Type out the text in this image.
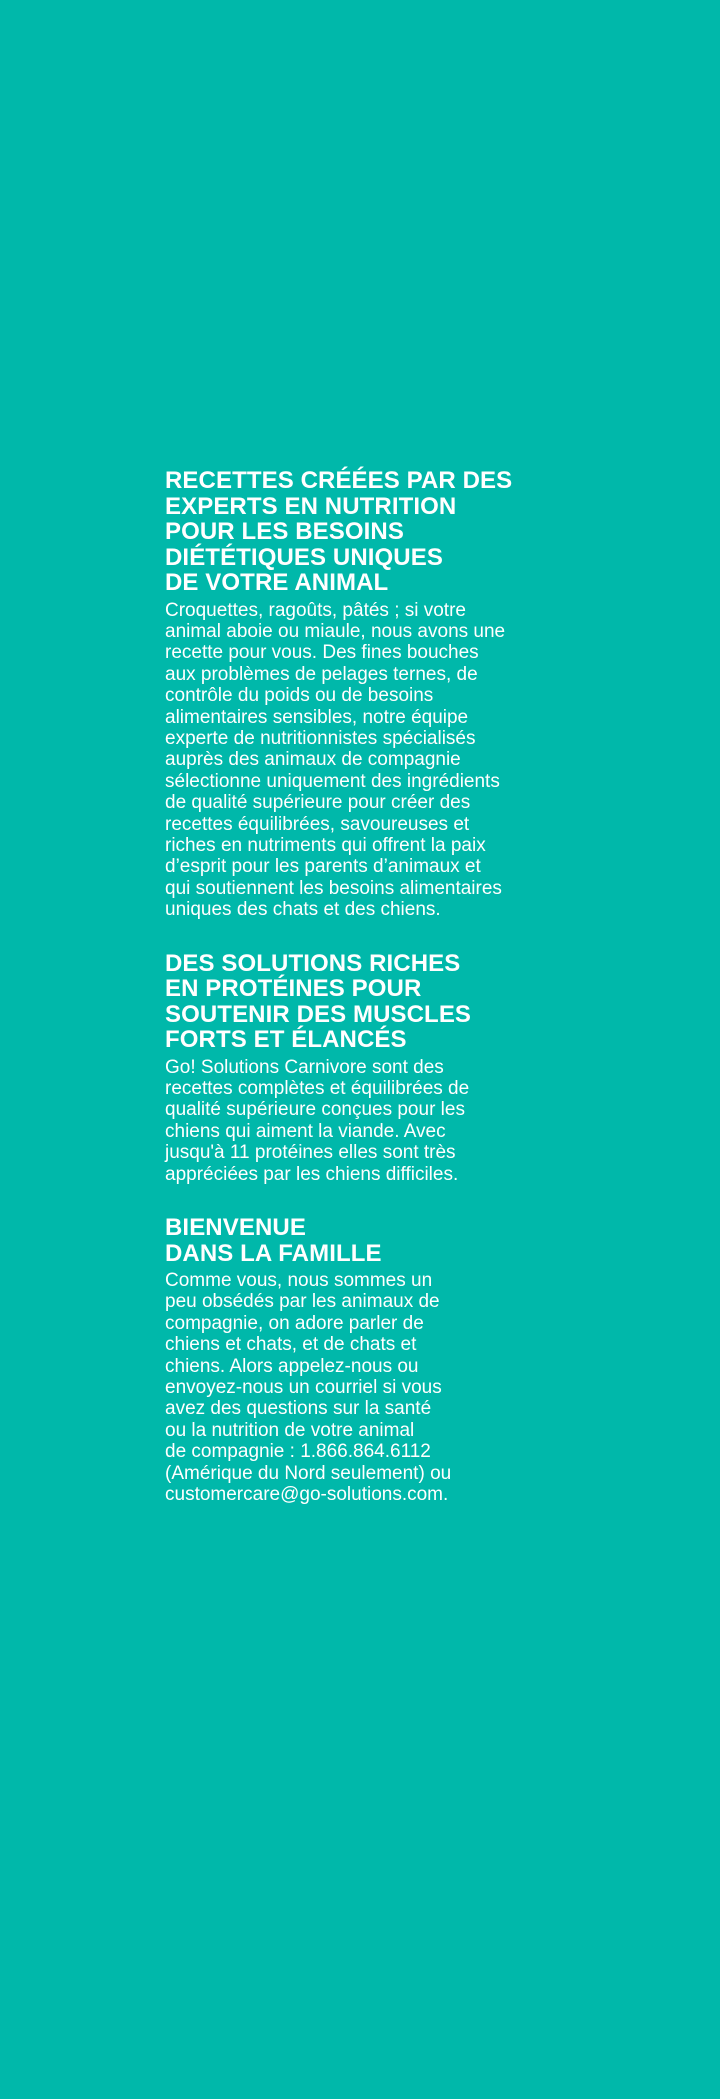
RECETTES CRÉÉES PAR DES
EXPERTS EN NUTRITION
POUR LES BESOINS
DIÉTÉTIQUES UNIQUES
DE VOTRE ANIMAL

Croquettes, ragoûts, pâtés ; si votre
animal aboie ou miaule, nous avons une
recette pour vous. Des fines bouches
aux problèmes de pelages ternes, de
contrôle du poids ou de besoins
alimentaires sensibles, notre équipe
experte de nutritionnistes spécialisés
auprès des animaux de compagnie
sélectionne uniquement des ingrédients
de qualité supérieure pour créer des
recettes équilibrées, savoureuses et
riches en nutriments qui offrent la paix
d’esprit pour les parents d’animaux et
qui soutiennent les besoins alimentaires
uniques des chats et des chiens.

DES SOLUTIONS RICHES
EN PROTÉINES POUR
SOUTENIR DES MUSCLES
FORTS ET ÉLANCÉS

Go! Solutions Carnivore sont des
recettes complètes et équilibrées de
qualité supérieure conçues pour les
chiens qui aiment la viande. Avec
jusqu'à 11 protéines elles sont très
appréciées par les chiens difficiles.

BIENVENUE
DANS LA FAMILLE

Comme vous, nous sommes un
peu obsédés par les animaux de
compagnie, on adore parler de
chiens et chats, et de chats et
chiens. Alors appelez-nous ou
envoyez-nous un courriel si vous
avez des questions sur la santé
ou la nutrition de votre animal
de compagnie : 1.866.864.6112
(Amérique du Nord seulement) ou
customercare@go-solutions.com.
